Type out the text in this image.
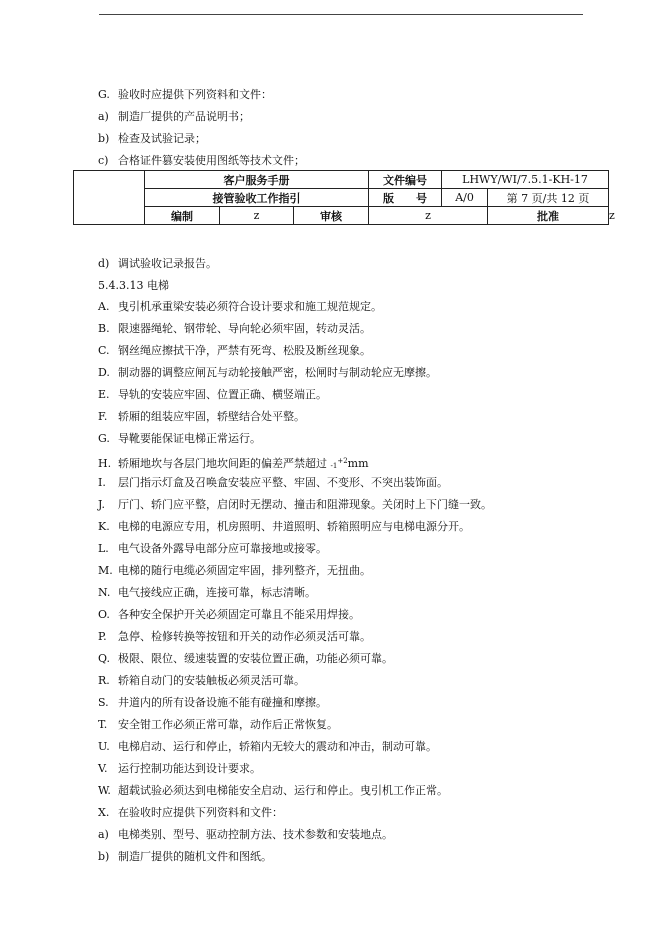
G. 验收时应提供下列资料和文件：
a) 制造厂提供的产品说明书；
b) 检查及试验记录；
c) 合格证件篡安装使用图纸等技术文件；
	客户服务手册			文件编号	LHWY/WI/7.5.1-KH-17		
	接管验收工作指引			版　　号	A/0	第 7 页/共 12 页	
	编制	z	审核	z		批准	z
d) 调试验收记录报告。
5.4.3.13 电梯
A. 曳引机承重梁安装必须符合设计要求和施工规范规定。
B. 限速器绳轮、钢带轮、导向轮必须牢固，转动灵活。
C. 钢丝绳应擦拭干净，严禁有死弯、松股及断丝现象。
D. 制动器的调整应闸瓦与动轮接触严密，松闸时与制动轮应无摩擦。
E. 导轨的安装应牢固、位置正确、横竖端正。
F. 轿厢的组装应牢固，轿壁结合处平整。
G. 导靴要能保证电梯正常运行。
H. 轿厢地坎与各层门地坎间距的偏差严禁超过 $_{-1}^{+2}$mm
I. 层门指示灯盒及召唤盒安装应平整、牢固、不变形、不突出装饰面。
J. 厅门、轿门应平整，启闭时无摆动、撞击和阻滞现象。关闭时上下门缝一致。
K. 电梯的电源应专用，机房照明、井道照明、轿箱照明应与电梯电源分开。
L. 电气设备外露导电部分应可靠接地或接零。
M. 电梯的随行电缆必须固定牢固，排列整齐，无扭曲。
N. 电气接线应正确，连接可靠，标志清晰。
O. 各种安全保护开关必须固定可靠且不能采用焊接。
P. 急停、检修转换等按钮和开关的动作必须灵活可靠。
Q. 极限、限位、缓速装置的安装位置正确，功能必须可靠。
R. 轿箱自动门的安装触板必须灵活可靠。
S. 井道内的所有设备设施不能有碰撞和摩擦。
T. 安全钳工作必须正常可靠，动作后正常恢复。
U. 电梯启动、运行和停止，轿箱内无较大的震动和冲击，制动可靠。
V. 运行控制功能达到设计要求。
W. 超载试验必须达到电梯能安全启动、运行和停止。曳引机工作正常。
X. 在验收时应提供下列资料和文件：
a) 电梯类别、型号、驱动控制方法、技术参数和安装地点。
b) 制造厂提供的随机文件和图纸。
